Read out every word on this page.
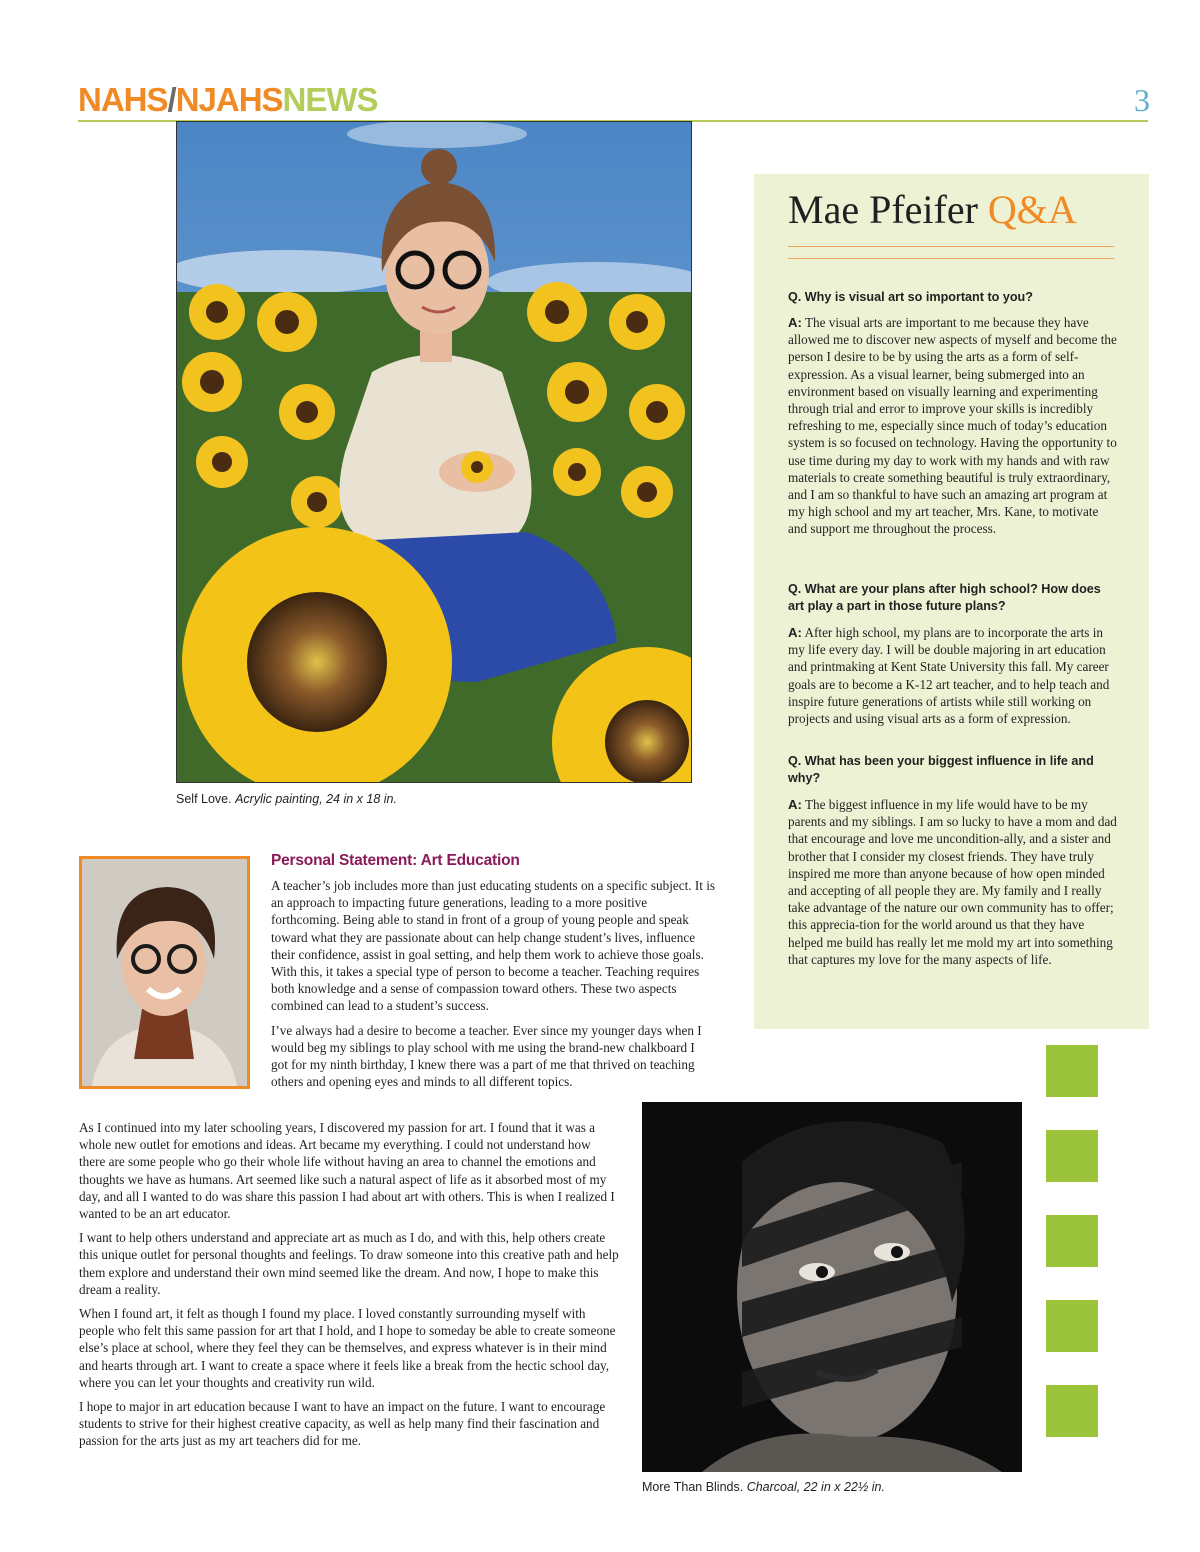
NAHS/NJAHSNEWS	3
Self Love. Acrylic painting, 24 in x 18 in.
Mae Pfeifer Q&A
Q. Why is visual art so important to you?
A: The visual arts are important to me because they have allowed me to discover new aspects of myself and become the person I desire to be by using the arts as a form of self-expression. As a visual learner, being submerged into an environment based on visually learning and experimenting through trial and error to improve your skills is incredibly refreshing to me, especially since much of today’s education system is so focused on technology. Having the opportunity to use time during my day to work with my hands and with raw materials to create something beautiful is truly extraordinary, and I am so thankful to have such an amazing art program at my high school and my art teacher, Mrs. Kane, to motivate and support me throughout the process.
Q. What are your plans after high school? How does art play a part in those future plans?
A: After high school, my plans are to incorporate the arts in my life every day. I will be double majoring in art education and printmaking at Kent State University this fall. My career goals are to become a K-12 art teacher, and to help teach and inspire future generations of artists while still working on projects and using visual arts as a form of expression.
Q. What has been your biggest influence in life and why?
A: The biggest influence in my life would have to be my parents and my siblings. I am so lucky to have a mom and dad that encourage and love me uncondition-ally, and a sister and brother that I consider my closest friends. They have truly inspired me more than anyone because of how open minded and accepting of all people they are. My family and I really take advantage of the nature our own community has to offer; this apprecia-tion for the world around us that they have helped me build has really let me mold my art into something that captures my love for the many aspects of life.
Personal Statement: Art Education

A teacher’s job includes more than just educating students on a specific subject. It is an approach to impacting future generations, leading to a more positive forthcoming. Being able to stand in front of a group of young people and speak toward what they are passionate about can help change student’s lives, influence their confidence, assist in goal setting, and help them work to achieve those goals. With this, it takes a special type of person to become a teacher. Teaching requires both knowledge and a sense of compassion toward others. These two aspects combined can lead to a student’s success.

I’ve always had a desire to become a teacher. Ever since my younger days when I would beg my siblings to play school with me using the brand-new chalkboard I got for my ninth birthday, I knew there was a part of me that thrived on teaching others and opening eyes and minds to all different topics.

As I continued into my later schooling years, I discovered my passion for art. I found that it was a whole new outlet for emotions and ideas. Art became my everything. I could not understand how there are some people who go their whole life without having an area to channel the emotions and thoughts we have as humans. Art seemed like such a natural aspect of life as it absorbed most of my day, and all I wanted to do was share this passion I had about art with others. This is when I realized I wanted to be an art educator.

I want to help others understand and appreciate art as much as I do, and with this, help others create this unique outlet for personal thoughts and feelings. To draw someone into this creative path and help them explore and understand their own mind seemed like the dream. And now, I hope to make this dream a reality.

When I found art, it felt as though I found my place. I loved constantly surrounding myself with people who felt this same passion for art that I hold, and I hope to someday be able to create someone else’s place at school, where they feel they can be themselves, and express whatever is in their mind and hearts through art. I want to create a space where it feels like a break from the hectic school day, where you can let your thoughts and creativity run wild.

I hope to major in art education because I want to have an impact on the future. I want to encourage students to strive for their highest creative capacity, as well as help many find their fascination and passion for the arts just as my art teachers did for me.

More Than Blinds. Charcoal, 22 in x 22½ in.
